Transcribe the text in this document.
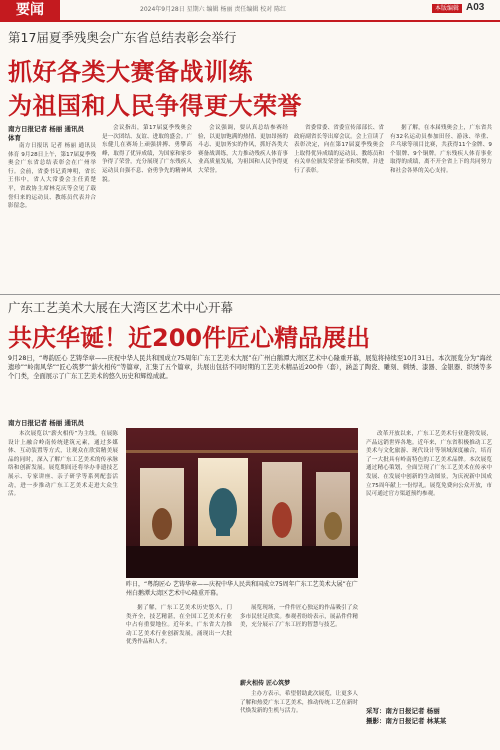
要闻	2024年9月28日 星期六 编辑 杨丽 责任编辑 校对 陈红	本版编辑 A03
第17届夏季残奥会广东省总结表彰会举行
抓好各类大赛备战训练
为祖国和人民争得更大荣誉
南方日报记者 杨丽 通讯员
体育
南方日报讯 记者 杨丽 通讯员 体育 9月28日上午，第17届夏季残奥会广东省总结表彰会在广州举行。会前，省委书记黄坤明，省长王伟中，省人大常委会主任黄楚平，省政协主席林克庆等会见了载誉归来的运动员、教练员代表并合影留念。
会议指出，第17届夏季残奥会是一次团结、友谊、进取的盛会。广东健儿在赛场上顽强拼搏、勇攀高峰，取得了优异成绩，为国家和家乡争得了荣誉，充分展现了广东残疾人运动员自强不息、奋勇争先的精神风貌。
会议强调，要认真总结参赛经验，以更加饱满的热情、更加昂扬的斗志、更加务实的作风，抓好各类大赛备战训练，大力推动残疾人体育事业高质量发展，为祖国和人民争得更大荣誉。
省委常委、省委宣传部部长、省政府副省长等出席会议。会上宣读了表彰决定，向在第17届夏季残奥会上取得优异成绩的运动员、教练员和有关单位颁发荣誉证书和奖牌，并进行了表彰。
据了解，在本届残奥会上，广东省共有32名运动员参加田径、游泳、举重、乒乓球等项目比赛，共获得11个金牌、9个银牌、9个铜牌。广东残疾人体育事业取得的成绩，离不开全省上下的共同努力和社会各界的关心支持。
广东工艺美术大展在大湾区艺术中心开幕
共庆华诞！近200件匠心精品展出
9月28日，“粤韵匠心 艺铸华章——庆祝中华人民共和国成立75周年广东工艺美术大展”在广州白鹅潭大湾区艺术中心隆重开幕，展览将持续至10月31日。本次展览分为“海丝遗珍”“岭南风华”“匠心筑梦”“薪火相传”等篇章，汇集了五个篇章，共展出包括不同时期的工艺美术精品近200件（套），涵盖了陶瓷、雕刻、刺绣、漆器、金银器、织绣等多个门类，全面展示了广东工艺美术的悠久历史和辉煌成就。
南方日报记者 杨丽 通讯员
本次展览以“薪火相传”为主线，在展陈设计上融合岭南传统建筑元素，通过多媒体、互动装置等方式，让观众在欣赏精美展品的同时，深入了解广东工艺美术的传承脉络和创新发展。展览期间还将举办非遗技艺展示、专家讲座、亲子研学等系列配套活动，进一步推动广东工艺美术走进大众生活。
昨日，“粤韵匠心 艺铸华章——庆祝中华人民共和国成立75周年广东工艺美术大展”在广州白鹅潭大湾区艺术中心隆重开幕。
据了解，广东工艺美术历史悠久，门类齐全，技艺精湛，在全国工艺美术行业中占有重要地位。近年来，广东省大力推动工艺美术行业创新发展，涌现出一大批优秀作品和人才。
展览现场，一件件匠心独运的作品吸引了众多市民驻足欣赏。参观者纷纷表示，展品件件精美，充分展示了广东工匠的智慧与技艺。
薪火相传 匠心筑梦
主办方表示，希望借助此次展览，让更多人了解和热爱广东工艺美术，推动传统工艺在新时代焕发新的生机与活力。
改革开放以来，广东工艺美术行业蓬勃发展，产品远销世界各地。近年来，广东省积极推动工艺美术与文化旅游、现代设计等领域深度融合，培育了一大批具有岭南特色的工艺美术品牌。本次展览通过精心策划，全面呈现了广东工艺美术在传承中发展、在发展中创新的生动图景，为庆祝新中国成立75周年献上一份厚礼。展览免费向公众开放，市民可通过官方渠道预约参观。
采写：南方日报记者 杨丽
摄影：南方日报记者 林某某
